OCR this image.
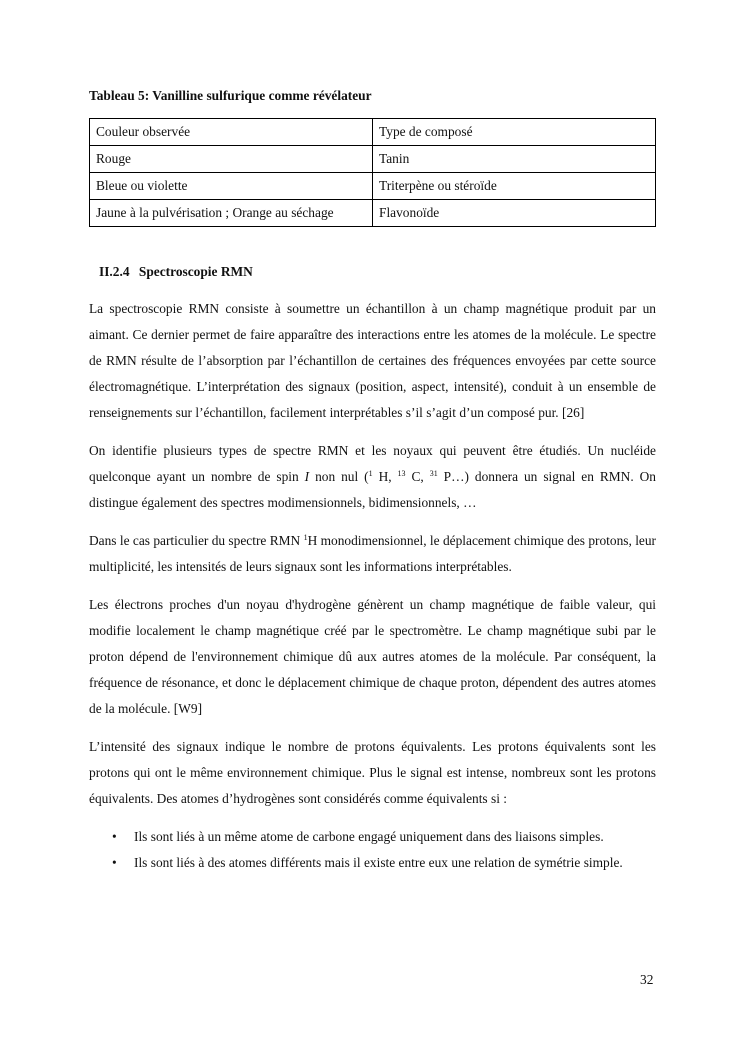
Tableau 5: Vanilline sulfurique comme révélateur
Couleur observée	Type de composé
Rouge	Tanin
Bleue ou violette	Triterpène ou stéroïde
Jaune à la pulvérisation ; Orange au séchage	Flavonoïde
II.2.4 Spectroscopie RMN

La spectroscopie RMN consiste à soumettre un échantillon à un champ magnétique produit par un aimant. Ce dernier permet de faire apparaître des interactions entre les atomes de la molécule. Le spectre de RMN résulte de l’absorption par l’échantillon de certaines des fréquences envoyées par cette source électromagnétique. L’interprétation des signaux (position, aspect, intensité), conduit à un ensemble de renseignements sur l’échantillon, facilement interprétables s’il s’agit d’un composé pur. [26]

On identifie plusieurs types de spectre RMN et les noyaux qui peuvent être étudiés. Un nucléide quelconque ayant un nombre de spin I non nul ($^1$ H, $^{13}$ C, $^{31}$ P…) donnera un signal en RMN. On distingue également des spectres modimensionnels, bidimensionnels, …

Dans le cas particulier du spectre RMN $^1$H monodimensionnel, le déplacement chimique des protons, leur multiplicité, les intensités de leurs signaux sont les informations interprétables.

Les électrons proches d'un noyau d'hydrogène génèrent un champ magnétique de faible valeur, qui modifie localement le champ magnétique créé par le spectromètre. Le champ magnétique subi par le proton dépend de l'environnement chimique dû aux autres atomes de la molécule. Par conséquent, la fréquence de résonance, et donc le déplacement chimique de chaque proton, dépendent des autres atomes de la molécule. [W9]

L’intensité des signaux indique le nombre de protons équivalents. Les protons équivalents sont les protons qui ont le même environnement chimique. Plus le signal est intense, nombreux sont les protons équivalents. Des atomes d’hydrogènes sont considérés comme équivalents si :

• Ils sont liés à un même atome de carbone engagé uniquement dans des liaisons simples.
• Ils sont liés à des atomes différents mais il existe entre eux une relation de symétrie simple.
32
